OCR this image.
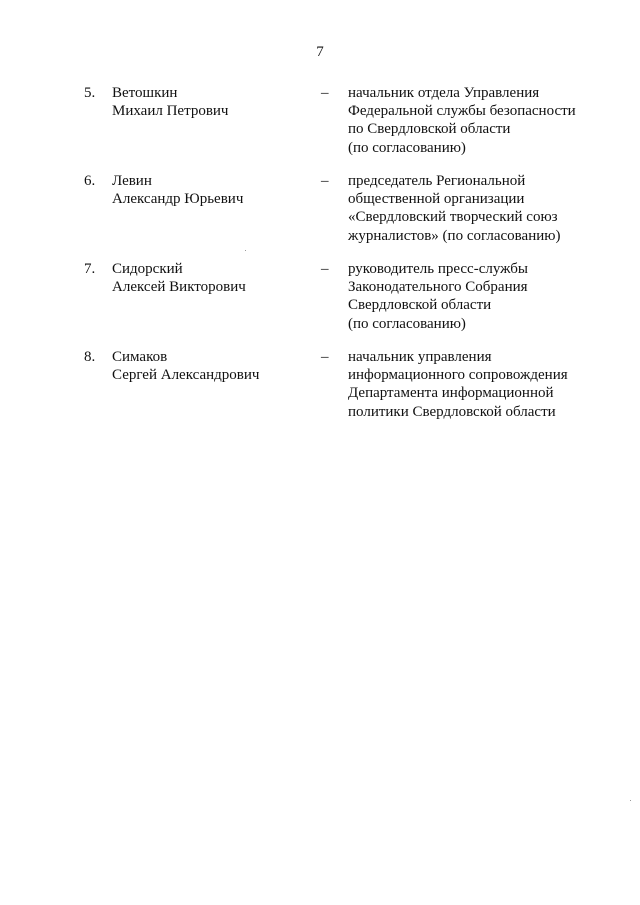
7
5.	Ветошкин
Михаил Петрович
–	начальник отдела Управления
Федеральной службы безопасности
по Свердловской области
(по согласованию)
6.	Левин
Александр Юрьевич
–	председатель Региональной
общественной организации
«Свердловский творческий союз
журналистов» (по согласованию)
7.	Сидорский
Алексей Викторович
–	руководитель пресс-службы
Законодательного Собрания
Свердловской области
(по согласованию)
8.	Симаков
Сергей Александрович
–	начальник управления
информационного сопровождения
Департамента информационной
политики Свердловской области
